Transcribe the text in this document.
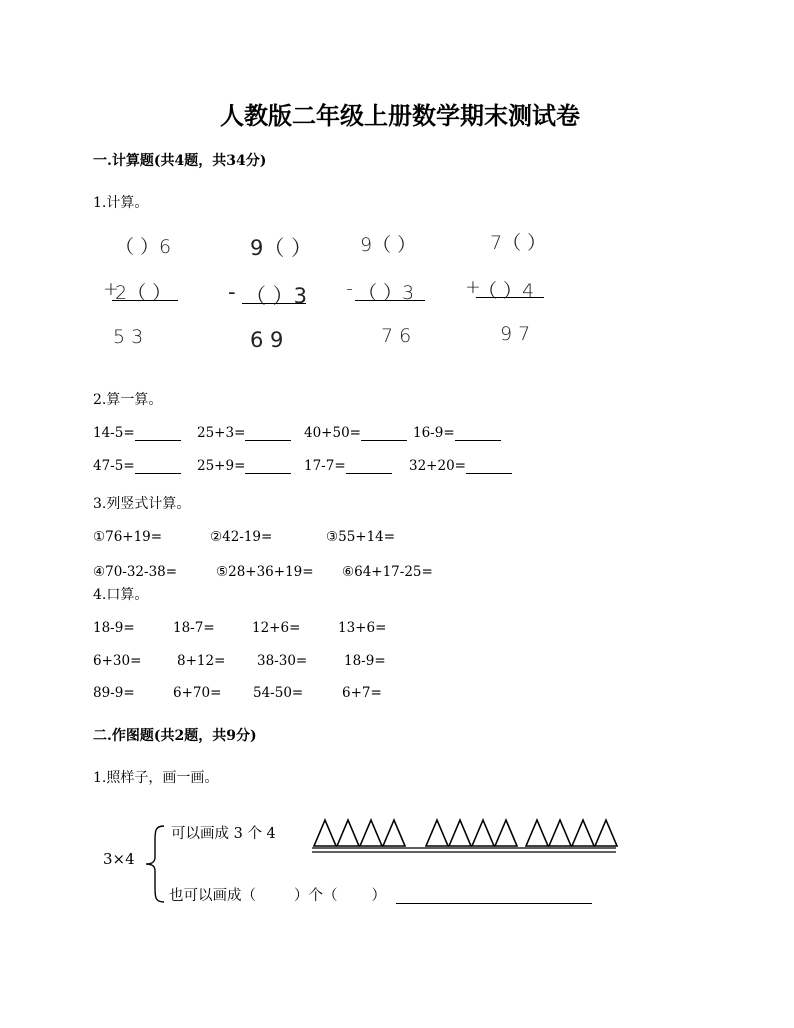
人教版二年级上册数学期末测试卷
一.计算题(共4题，共34分)
1.计算。
（ ）6
+
2（ ）
5 3
9（ ）
- （ ）3
6 9
9（ ）
- （ ）3
7 6
7（ ）
+
（ ）4
9 7
2.算一算。
14-5=	25+3=	40+50=	16-9=
47-5=	25+9=	17-7=	32+20=
3.列竖式计算。
①76+19=	②42-19=	③55+14=
④70-32-38=	⑤28+36+19= ⑥64+17-25=
4.口算。
18-9=	18-7=	12+6=	13+6=
6+30=	8+12= 38-30=	18-9=
89-9=	6+70= 54-50=	6+7=
二.作图题(共2题，共9分)
1.照样子，画一画。
3×4
可以画成 3 个 4
也可以画成（	）个（ ）
